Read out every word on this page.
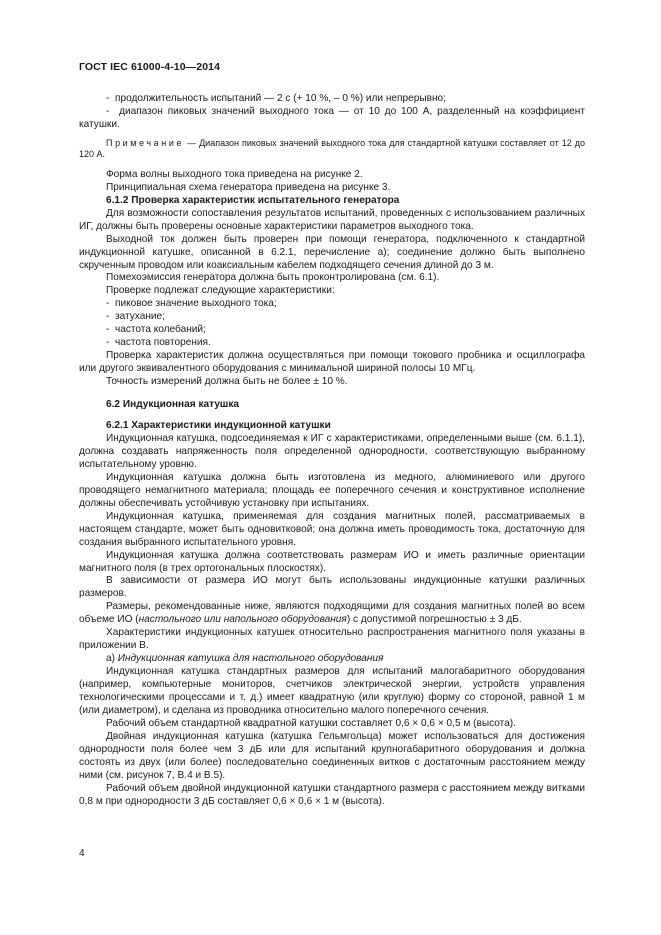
ГОСТ IEC 61000-4-10—2014

-  продолжительность испытаний — 2 с (+ 10 %, – 0 %) или непрерывно;

-  диапазон пиковых значений выходного тока — от 10 до 100 А, разделенный на коэффициент катушки.

Примечание — Диапазон пиковых значений выходного тока для стандартной катушки составляет от 12 до 120 А.

Форма волны выходного тока приведена на рисунке 2.

Принципиальная схема генератора приведена на рисунке 3.

6.1.2 Проверка характеристик испытательного генератора

Для возможности сопоставления результатов испытаний, проведенных с использованием различных ИГ, должны быть проверены основные характеристики параметров выходного тока.

Выходной ток должен быть проверен при помощи генератора, подключенного к стандартной индукционной катушке, описанной в 6.2.1, перечисление а); соединение должно быть выполнено скрученным проводом или коаксиальным кабелем подходящего сечения длиной до 3 м.

Помехоэмиссия генератора должна быть проконтролирована (см. 6.1).

Проверке подлежат следующие характеристики:

-  пиковое значение выходного тока;

-  затухание;

-  частота колебаний;

-  частота повторения.

Проверка характеристик должна осуществляться при помощи токового пробника и осциллографа или другого эквивалентного оборудования с минимальной шириной полосы 10 МГц.

Точность измерений должна быть не более ± 10 %.

6.2 Индукционная катушка

6.2.1 Характеристики индукционной катушки

Индукционная катушка, подсоединяемая к ИГ с характеристиками, определенными выше (см. 6.1.1), должна создавать напряженность поля определенной однородности, соответствующую выбранному испытательному уровню.

Индукционная катушка должна быть изготовлена из медного, алюминиевого или другого проводящего немагнитного материала; площадь ее поперечного сечения и конструктивное исполнение должны обеспечивать устойчивую установку при испытаниях.

Индукционная катушка, применяемая для создания магнитных полей, рассматриваемых в настоящем стандарте, может быть одновитковой; она должна иметь проводимость тока, достаточную для создания выбранного испытательного уровня.

Индукционная катушка должна соответствовать размерам ИО и иметь различные ориентации магнитного поля (в трех ортогональных плоскостях).

В зависимости от размера ИО могут быть использованы индукционные катушки различных размеров.

Размеры, рекомендованные ниже, являются подходящими для создания магнитных полей во всем объеме ИО (настольного или напольного оборудования) с допустимой погрешностью ± 3 дБ.

Характеристики индукционных катушек относительно распространения магнитного поля указаны в приложении В.

а) Индукционная катушка для настольного оборудования

Индукционная катушка стандартных размеров для испытаний малогабаритного оборудования (например, компьютерные мониторов, счетчиков электрической энергии, устройств управления технологическими процессами и т. д.) имеет квадратную (или круглую) форму со стороной, равной 1 м (или диаметром), и сделана из проводника относительно малого поперечного сечения.

Рабочий объем стандартной квадратной катушки составляет 0,6 × 0,6 × 0,5 м (высота).

Двойная индукционная катушка (катушка Гельмгольца) может использоваться для достижения однородности поля более чем 3 дБ или для испытаний крупногабаритного оборудования и должна состоять из двух (или более) последовательно соединенных витков с достаточным расстоянием между ними (см. рисунок 7, В.4 и В.5).

Рабочий объем двойной индукционной катушки стандартного размера с расстоянием между витками 0,8 м при однородности 3 дБ составляет 0,6 × 0,6 × 1 м (высота).

4
